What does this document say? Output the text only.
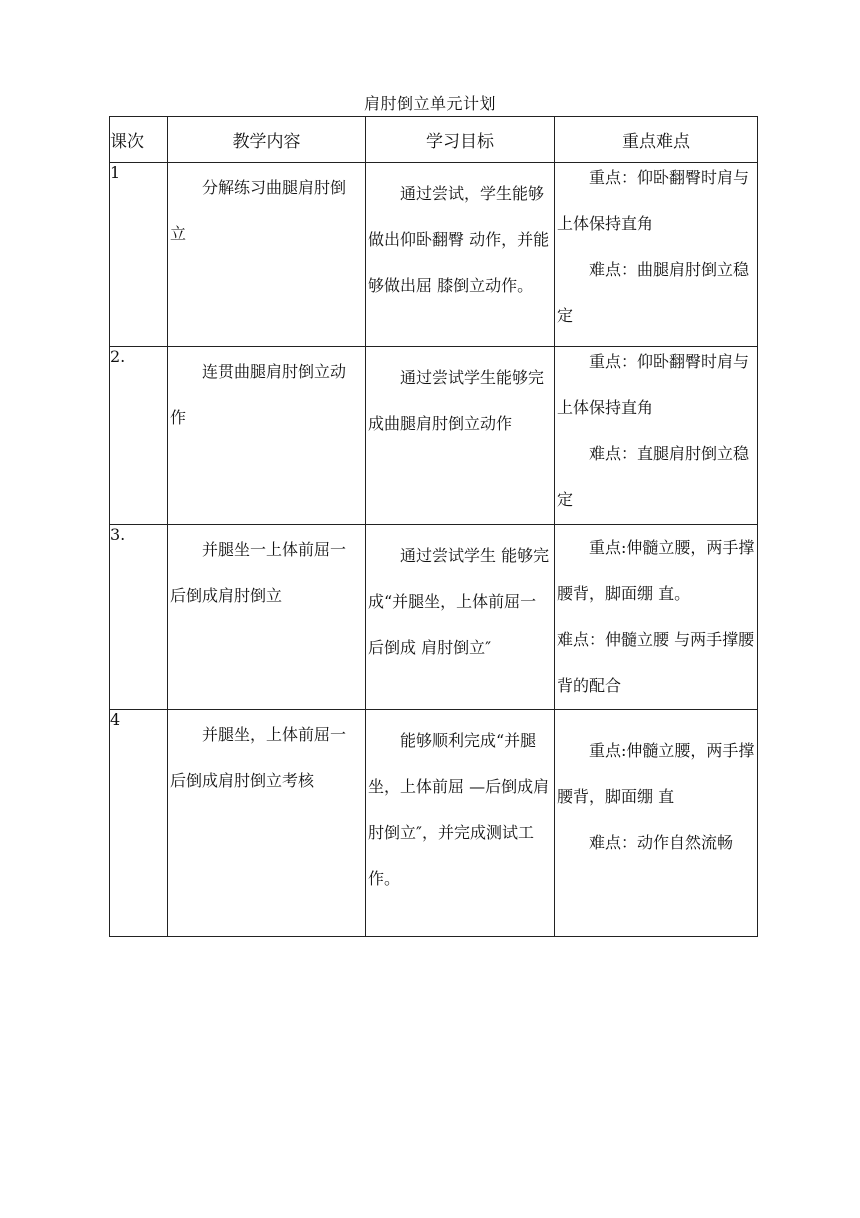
肩肘倒立单元计划
课次	教学内容	学习目标	重点难点
1	分解练习曲腿肩肘倒立	通过尝试，学生能够做出仰卧翻臀 动作，并能够做出屈 膝倒立动作。	重点：仰卧翻臀时肩与上体保持直角
难点：曲腿肩肘倒立稳定

2.	连贯曲腿肩肘倒立动作	通过尝试学生能够完成曲腿肩肘倒立动作	重点：仰卧翻臀时肩与上体保持直角
难点：直腿肩肘倒立稳定

3.	并腿坐一上体前屈一后倒成肩肘倒立	通过尝试学生 能够完成“并腿坐，上体前屈一后倒成 肩肘倒立″	重点:伸髓立腰，两手撑腰背，脚面绷 直。
难点：伸髓立腰 与两手撑腰背的配合

4	并腿坐，上体前屈一后倒成肩肘倒立考核	能够顺利完成“并腿坐，上体前屈 —后倒成肩肘倒立″，并完成测试工作。	重点:伸髓立腰，两手撑腰背，脚面绷 直
难点：动作自然流畅
